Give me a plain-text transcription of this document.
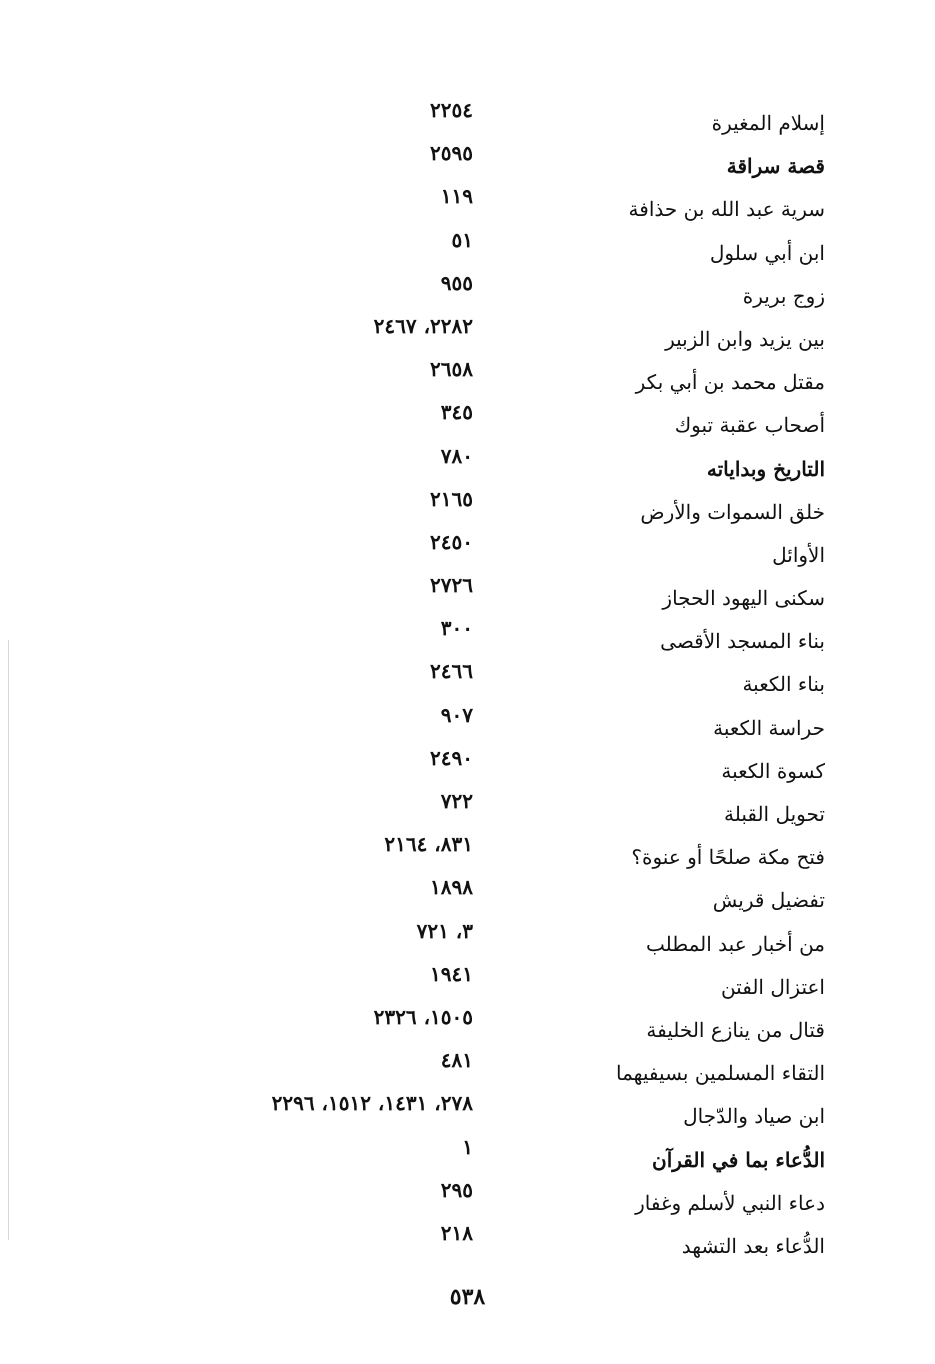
إسلام المغيرة
٢٢٥٤
قصة سراقة
٢٥٩٥
سرية عبد الله بن حذافة
١١٩
ابن أبي سلول
٥١
زوج بريرة
٩٥٥
بين يزيد وابن الزبير
٢٢٨٢، ٢٤٦٧
مقتل محمد بن أبي بكر
٢٦٥٨
أصحاب عقبة تبوك
٣٤٥
التاريخ وبداياته
٧٨٠
خلق السموات والأرض
٢١٦٥
الأوائل
٢٤٥٠
سكنى اليهود الحجاز
٢٧٢٦
بناء المسجد الأقصى
٣٠٠
بناء الكعبة
٢٤٦٦
حراسة الكعبة
٩٠٧
كسوة الكعبة
٢٤٩٠
تحويل القبلة
٧٢٢
فتح مكة صلحًا أو عنوة؟
٨٣١، ٢١٦٤
تفضيل قريش
١٨٩٨
من أخبار عبد المطلب
٣، ٧٢١
اعتزال الفتن
١٩٤١
قتال من ينازع الخليفة
١٥٠٥، ٢٣٢٦
التقاء المسلمين بسيفيهما
٤٨١
ابن صياد والدّجال
٢٧٨، ١٤٣١، ١٥١٢، ٢٢٩٦
الدُّعاء بما في القرآن
١
دعاء النبي لأسلم وغفار
٢٩٥
الدُّعاء بعد التشهد
٢١٨
٥٣٨
